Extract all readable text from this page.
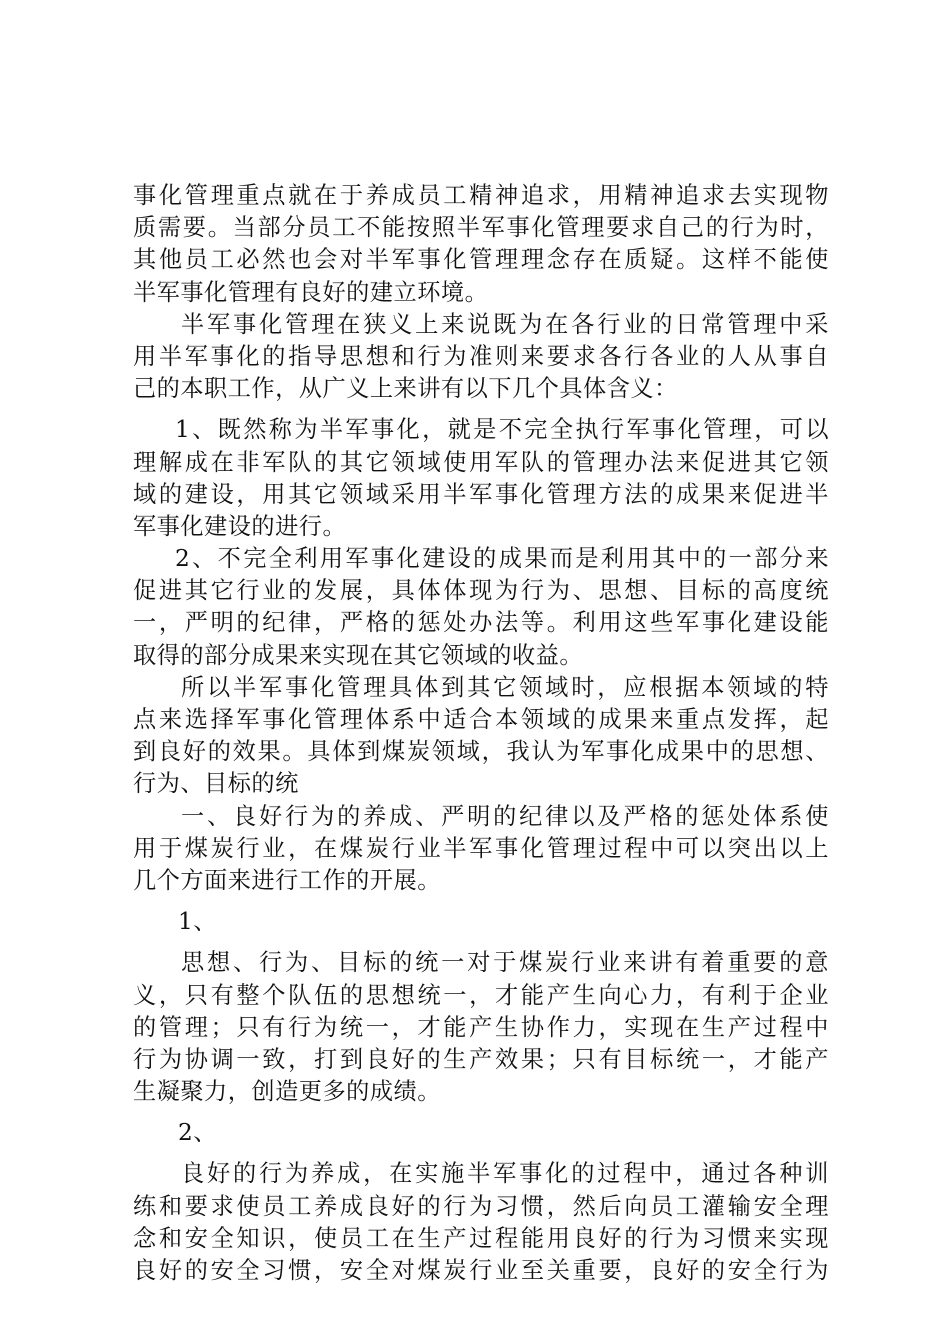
事化管理重点就在于养成员工精神追求，用精神追求去实现物
质需要。当部分员工不能按照半军事化管理要求自己的行为时，
其他员工必然也会对半军事化管理理念存在质疑。这样不能使
半军事化管理有良好的建立环境。
半军事化管理在狭义上来说既为在各行业的日常管理中采
用半军事化的指导思想和行为准则来要求各行各业的人从事自
己的本职工作，从广义上来讲有以下几个具体含义：
1、既然称为半军事化，就是不完全执行军事化管理，可以
理解成在非军队的其它领域使用军队的管理办法来促进其它领
域的建设，用其它领域采用半军事化管理方法的成果来促进半
军事化建设的进行。
2、不完全利用军事化建设的成果而是利用其中的一部分来
促进其它行业的发展，具体体现为行为、思想、目标的高度统
一，严明的纪律，严格的惩处办法等。利用这些军事化建设能
取得的部分成果来实现在其它领域的收益。
所以半军事化管理具体到其它领域时，应根据本领域的特
点来选择军事化管理体系中适合本领域的成果来重点发挥，起
到良好的效果。具体到煤炭领域，我认为军事化成果中的思想、
行为、目标的统
一、良好行为的养成、严明的纪律以及严格的惩处体系使
用于煤炭行业，在煤炭行业半军事化管理过程中可以突出以上
几个方面来进行工作的开展。
1、
思想、行为、目标的统一对于煤炭行业来讲有着重要的意
义，只有整个队伍的思想统一，才能产生向心力，有利于企业
的管理；只有行为统一，才能产生协作力，实现在生产过程中
行为协调一致，打到良好的生产效果；只有目标统一，才能产
生凝聚力，创造更多的成绩。
2、
良好的行为养成，在实施半军事化的过程中，通过各种训
练和要求使员工养成良好的行为习惯，然后向员工灌输安全理
念和安全知识，使员工在生产过程能用良好的行为习惯来实现
良好的安全习惯，安全对煤炭行业至关重要，良好的安全行为
